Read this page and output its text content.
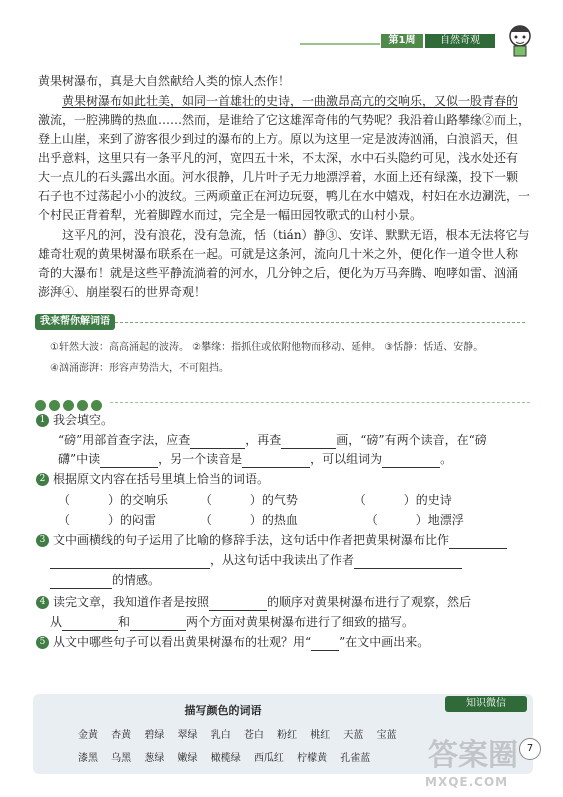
第1周	自然奇观
黄果树瀑布，真是大自然献给人类的惊人杰作！
黄果树瀑布如此壮美，如同一首雄壮的史诗，一曲激昂高亢的交响乐，又似一股青春的
激流，一腔沸腾的热血……然而，是谁给了它这雄浑奇伟的气势呢？我沿着山路攀缘②而上，
登上山崖，来到了游客很少到过的瀑布的上方。原以为这里一定是波涛汹涌，白浪滔天，但
出乎意料，这里只有一条平凡的河，宽四五十米，不太深，水中石头隐约可见，浅水处还有
大一点儿的石头露出水面。河水很静，几片叶子无力地漂浮着，水面上还有绿藻，投下一颗
石子也不过荡起小小的波纹。三两顽童正在河边玩耍，鸭儿在水中嬉戏，村妇在水边涮洗，一
个村民正背着犁，光着脚蹚水而过，完全是一幅田园牧歌式的山村小景。
这平凡的河，没有浪花，没有急流，恬（tián）静③、安详、默默无语，根本无法将它与
雄奇壮观的黄果树瀑布联系在一起。可就是这条河，流向几十米之外，便化作一道令世人称
奇的大瀑布！就是这些平静流淌着的河水，几分钟之后，便化为万马奔腾、咆哮如雷、汹涌
澎湃④、崩崖裂石的世界奇观！
我来帮你解词语
①轩然大波：高高涌起的波涛。 ②攀缘：指抓住或依附他物而移动、延伸。 ③恬静：恬适、安静。
④汹涌澎湃：形容声势浩大，不可阻挡。
1 我会填空。
“磅”用部首查字法，应查	，再查	画，“磅”有两个读音，在“磅
礴”中读	，另一个读音是	，可以组词为	。
2 根据原文内容在括号里填上恰当的词语。
（	）的交响乐	（	）的气势	（	）的史诗
（	）的闷雷	（	）的热血	（	）地漂浮
3 文中画横线的句子运用了比喻的修辞手法，这句话中作者把黄果树瀑布比作
，从这句话中我读出了作者
的情感。
4 读完文章，我知道作者是按照	的顺序对黄果树瀑布进行了观察，然后
从	和	两个方面对黄果树瀑布进行了细致的描写。
5 从文中哪些句子可以看出黄果树瀑布的壮观？用“ ”在文中画出来。
描写颜色的词语
知识微信
金黄 杏黄 碧绿 翠绿 乳白 苍白 粉红 桃红 天蓝 宝蓝
漆黑 乌黑 葱绿 嫩绿 橄榄绿 西瓜红 柠檬黄 孔雀蓝
7
答案圈
MXQE.COM
